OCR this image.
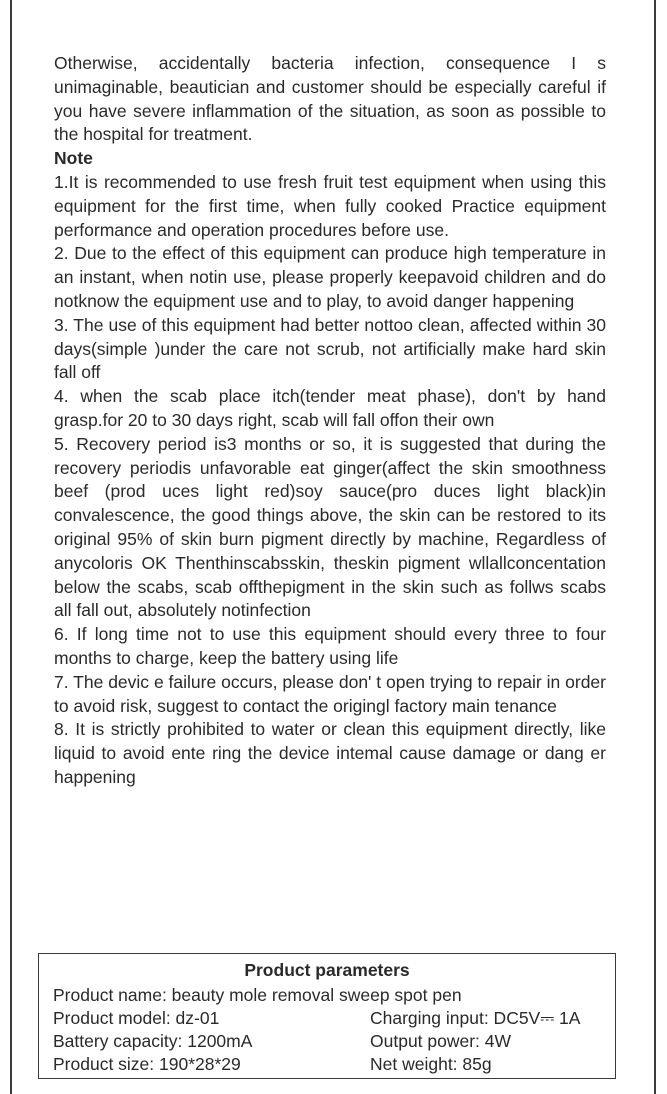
Otherwise, accidentally bacteria infection, consequence I s unimaginable, beautician and customer should be especially careful if you have severe inflammation of the situation, as soon as possible to the hospital for treatment.

Note

1.It is recommended to use fresh fruit test equipment when using this equipment for the first time, when fully cooked Practice equipment performance and operation procedures before use.

2. Due to the effect of this equipment can produce high temperature in an instant, when notin use, please properly keepavoid children and do notknow the equipment use and to play, to avoid danger happening

3. The use of this equipment had better nottoo clean, affected within 30 days(simple )under the care not scrub, not artificially make hard skin fall off

4. when the scab place itch(tender meat phase), don't by hand grasp.for 20 to 30 days right, scab will fall offon their own

5. Recovery period is3 months or so, it is suggested that during the recovery periodis unfavorable eat ginger(affect the skin smoothness beef (prod uces light red)soy sauce(pro duces light black)in convalescence, the good things above, the skin can be restored to its original 95% of skin burn pigment directly by machine, Regardless of anycoloris OK Thenthinscabsskin, theskin pigment wllallconcentation below the scabs, scab offthepigment in the skin such as follws scabs all fall out, absolutely notinfection

6. If long time not to use this equipment should every three to four months to charge, keep the battery using life

7. The devic e failure occurs, please don' t open trying to repair in order to avoid risk, suggest to contact the origingl factory main tenance

8. It is strictly prohibited to water or clean this equipment directly, like liquid to avoid ente ring the device intemal cause damage or dang er happening

Product parameters
Product name: beauty mole removal sweep spot pen
Product model: dz-01	Charging input: DC5V⎓ 1A
Battery capacity: 1200mA	Output power: 4W
Product size: 190*28*29	Net weight: 85g
